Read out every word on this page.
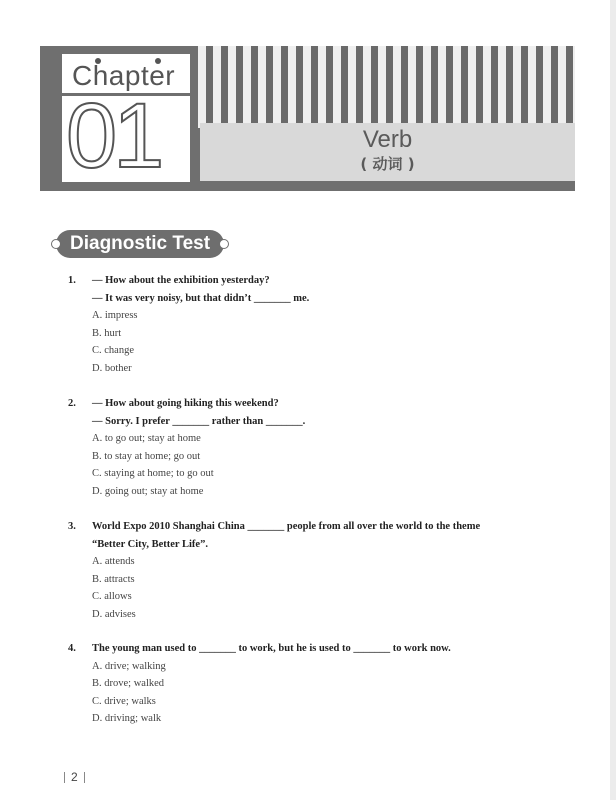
Chapter
01	Verb
( 动词 )
Diagnostic Test
1. — How about the exhibition yesterday?
— It was very noisy, but that didn’t _______ me.
A. impress
B. hurt
C. change
D. bother
2. — How about going hiking this weekend?
— Sorry. I prefer _______ rather than _______.
A. to go out; stay at home
B. to stay at home; go out
C. staying at home; to go out
D. going out; stay at home
3. World Expo 2010 Shanghai China _______ people from all over the world to the theme
“Better City, Better Life”.
A. attends
B. attracts
C. allows
D. advises
4. The young man used to _______ to work, but he is used to _______ to work now.
A. drive; walking
B. drove; walked
C. drive; walks
D. driving; walk
2
